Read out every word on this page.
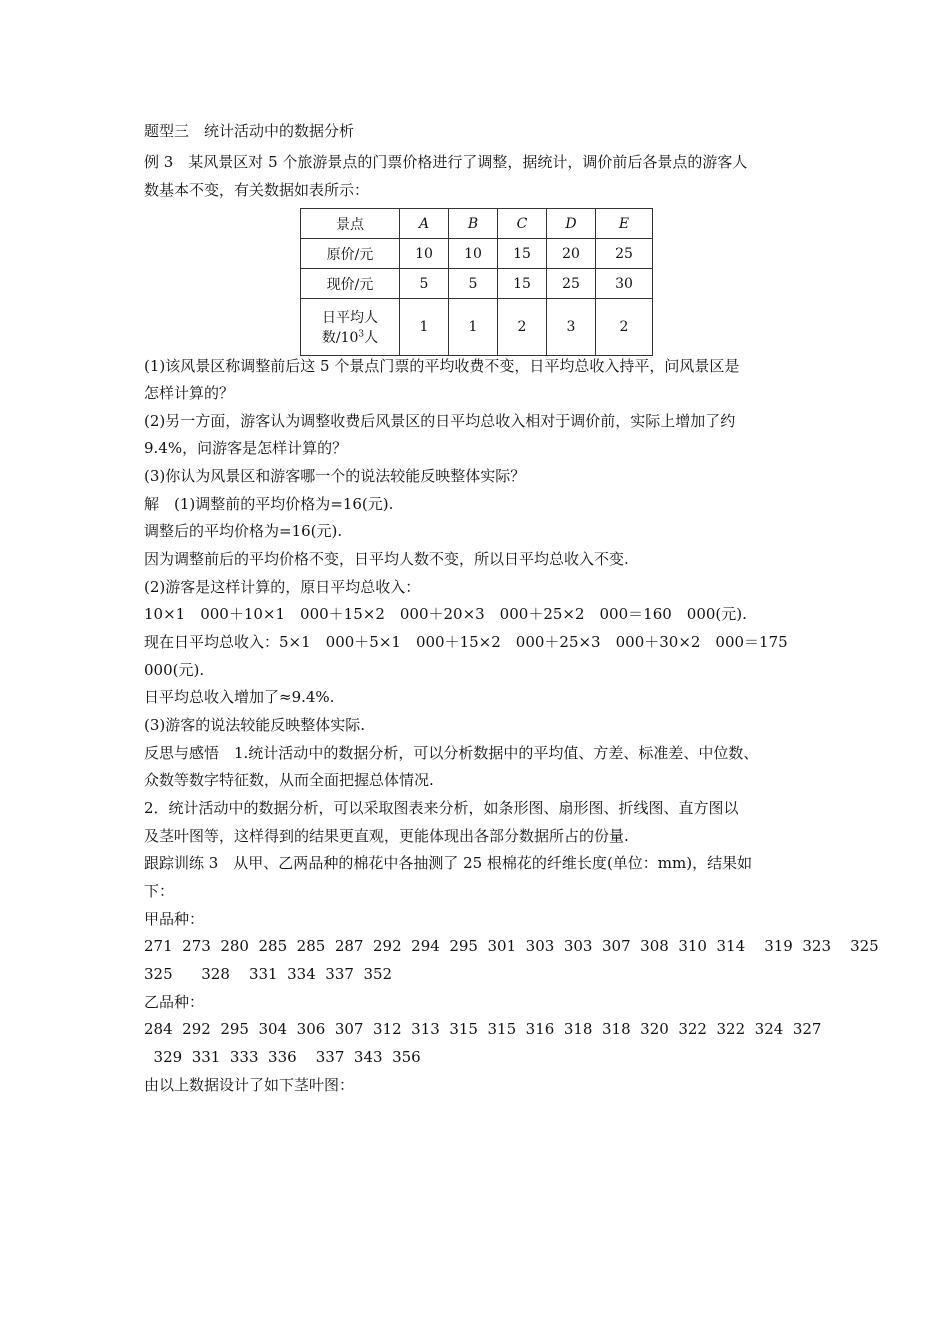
题型三　统计活动中的数据分析
例 3　某风景区对 5 个旅游景点的门票价格进行了调整，据统计，调价前后各景点的游客人
数基本不变，有关数据如表所示：
景点	A	B	C	D	E
原价/元	10	10	15	20	25
现价/元	5	5	15	25	30

日平均人
数$/10^3$人	1	1	2	3	2
(1)该风景区称调整前后这 5 个景点门票的平均收费不变，日平均总收入持平，问风景区是
怎样计算的？
(2)另一方面，游客认为调整收费后风景区的日平均总收入相对于调价前，实际上增加了约
9.4%，问游客是怎样计算的？
(3)你认为风景区和游客哪一个的说法较能反映整体实际？
解　(1)调整前的平均价格为=16(元).
调整后的平均价格为=16(元).
因为调整前后的平均价格不变，日平均人数不变，所以日平均总收入不变.
(2)游客是这样计算的，原日平均总收入：
10×1　000＋10×1　000＋15×2　000＋20×3　000＋25×2　000＝160　000(元).
现在日平均总收入：5×1　000＋5×1　000＋15×2　000＋25×3　000＋30×2　000＝175
000(元).
日平均总收入增加了≈9.4%.
(3)游客的说法较能反映整体实际.
反思与感悟　1.统计活动中的数据分析，可以分析数据中的平均值、方差、标准差、中位数、
众数等数字特征数，从而全面把握总体情况.
2．统计活动中的数据分析，可以采取图表来分析，如条形图、扇形图、折线图、直方图以
及茎叶图等，这样得到的结果更直观，更能体现出各部分数据所占的份量.
跟踪训练 3　从甲、乙两品种的棉花中各抽测了 25 根棉花的纤维长度(单位：mm)，结果如
下：
甲品种：
271  273  280  285  285  287  292  294  295  301  303  303  307  308  310  314    319  323    325
325      328    331  334  337  352
乙品种：
284  292  295  304  306  307  312  313  315  315  316  318  318  320  322  322  324  327
329  331  333  336    337  343  356
由以上数据设计了如下茎叶图：
